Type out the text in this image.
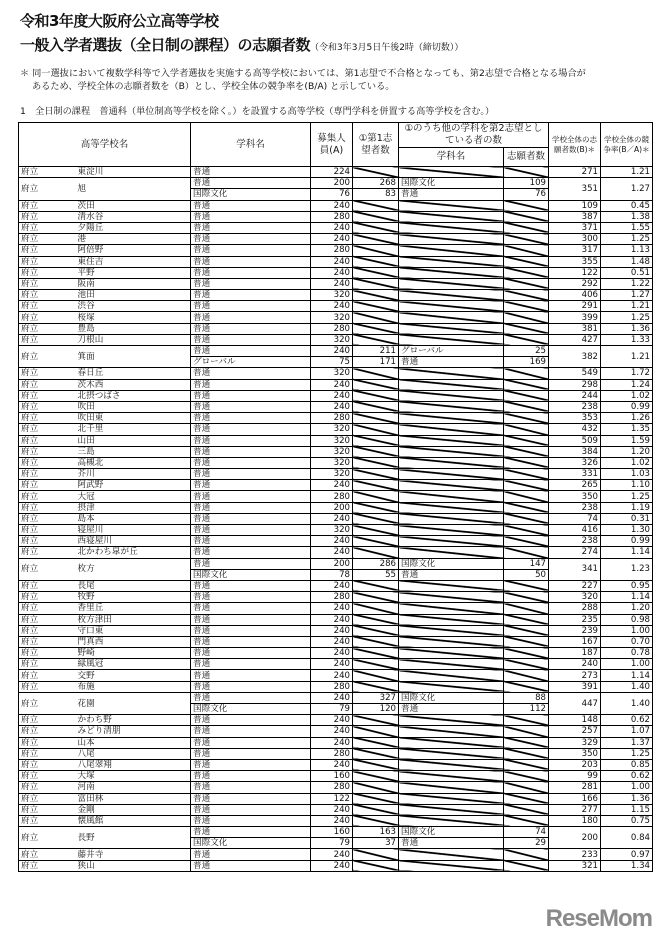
令和3年度大阪府公立高等学校
一般入学者選抜（全日制の課程）の志願者数（令和3年3月5日午後2時（締切数））
＊ 同一選抜において複数学科等で入学者選抜を実施する高等学校においては、第1志望で不合格となっても、第2志望で合格となる場合が
あるため、学校全体の志願者数を（B）とし、学校全体の競争率を(B/A) と示している。
1　全日制の課程　普通科（単位制高等学校を除く。）を設置する高等学校（専門学科を併置する高等学校を含む。）
高等学校名		学科名	募集人員(A)	①第1志望者数	①のうち他の学科を第2志望としている者の数		学校全体の志願者数(B)＊	学校全体の競争率(B／A)＊
					学科名	志願者数		
府立	東淀川	普通	224				271	1.21
府立	旭	普通	200	268	国際文化	109	351	1.27
		国際文化	76	83	普通	76		
府立	茨田	普通	240				109	0.45
府立	清水谷	普通	280				387	1.38
府立	夕陽丘	普通	240				371	1.55
府立	港	普通	240				300	1.25
府立	阿倍野	普通	280				317	1.13
府立	東住吉	普通	240				355	1.48
府立	平野	普通	240				122	0.51
府立	阪南	普通	240				292	1.22
府立	池田	普通	320				406	1.27
府立	渋谷	普通	240				291	1.21
府立	桜塚	普通	320				399	1.25
府立	豊島	普通	280				381	1.36
府立	刀根山	普通	320				427	1.33
府立	箕面	普通	240	211	グローバル	25	382	1.21
		グローバル	75	171	普通	169		
府立	春日丘	普通	320				549	1.72
府立	茨木西	普通	240				298	1.24
府立	北摂つばさ	普通	240				244	1.02
府立	吹田	普通	240				238	0.99
府立	吹田東	普通	280				353	1.26
府立	北千里	普通	320				432	1.35
府立	山田	普通	320				509	1.59
府立	三島	普通	320				384	1.20
府立	高槻北	普通	320				326	1.02
府立	芥川	普通	320				331	1.03
府立	阿武野	普通	240				265	1.10
府立	大冠	普通	280				350	1.25
府立	摂津	普通	200				238	1.19
府立	島本	普通	240				74	0.31
府立	寝屋川	普通	320				416	1.30
府立	西寝屋川	普通	240				238	0.99
府立	北かわち皐が丘	普通	240				274	1.14
府立	枚方	普通	200	286	国際文化	147	341	1.23
		国際文化	78	55	普通	50		
府立	長尾	普通	240				227	0.95
府立	牧野	普通	280				320	1.14
府立	香里丘	普通	240				288	1.20
府立	枚方津田	普通	240				235	0.98
府立	守口東	普通	240				239	1.00
府立	門真西	普通	240				167	0.70
府立	野崎	普通	240				187	0.78
府立	緑風冠	普通	240				240	1.00
府立	交野	普通	240				273	1.14
府立	布施	普通	280				391	1.40
府立	花園	普通	240	327	国際文化	88	447	1.40
		国際文化	79	120	普通	112		
府立	かわち野	普通	240				148	0.62
府立	みどり清朋	普通	240				257	1.07
府立	山本	普通	240				329	1.37
府立	八尾	普通	280				350	1.25
府立	八尾翠翔	普通	240				203	0.85
府立	大塚	普通	160				99	0.62
府立	河南	普通	280				281	1.00
府立	富田林	普通	122				166	1.36
府立	金剛	普通	240				277	1.15
府立	懐風館	普通	240				180	0.75
府立	長野	普通	160	163	国際文化	74	200	0.84
		国際文化	79	37	普通	29		
府立	藤井寺	普通	240				233	0.97
府立	狭山	普通	240				321	1.34
ReseMom
